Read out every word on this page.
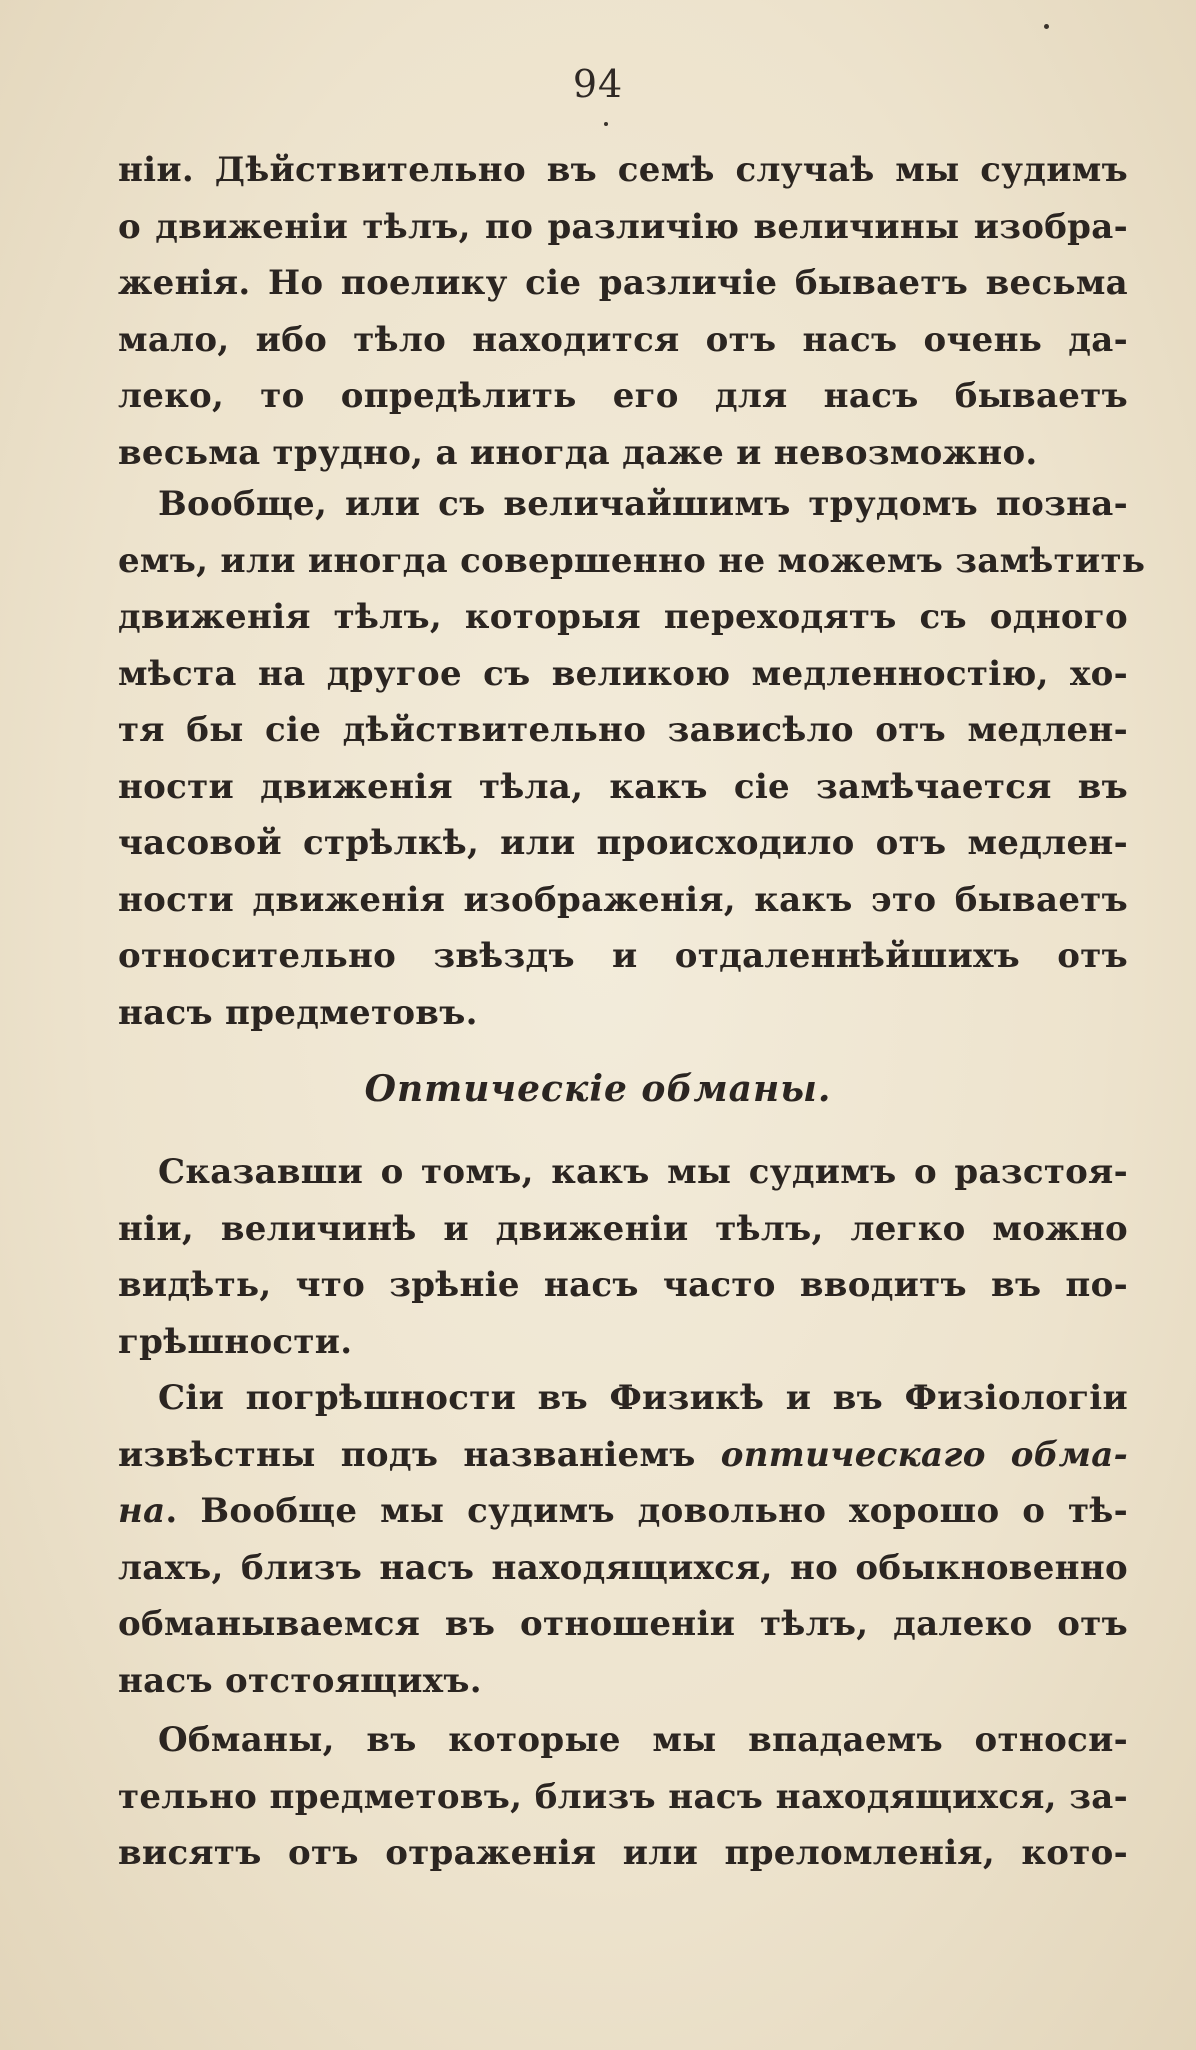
94
нiи. Дѣйствительно въ семѣ случаѣ мы судимъ
о движенiи тѣлъ, по различiю величины изобра-
женiя. Но поелику сiе различiе бываетъ весьма
мало, ибо тѣло находится отъ насъ очень да-
леко, то опредѣлить его для насъ бываетъ
весьма трудно, а иногда даже и невозможно.
Вообще, или съ величайшимъ трудомъ позна-
емъ, или иногда совершенно не можемъ замѣтить
движенiя тѣлъ, которыя переходятъ съ одного
мѣста на другое съ великою медленностiю, хо-
тя бы сiе дѣйствительно зависѣло отъ медлен-
ности движенiя тѣла, какъ сiе замѣчается въ
часовой стрѣлкѣ, или происходило отъ медлен-
ности движенiя изображенiя, какъ это бываетъ
относительно звѣздъ и отдаленнѣйшихъ отъ
насъ предметовъ.
Оптическiе обманы.
Сказавши о томъ, какъ мы судимъ о разстоя-
нiи, величинѣ и движенiи тѣлъ, легко можно
видѣть, что зрѣнiе насъ часто вводитъ въ по-
грѣшности.
Сiи погрѣшности въ Физикѣ и въ Физiологiи
извѣстны подъ названiемъ оптическаго обма-
на. Вообще мы судимъ довольно хорошо о тѣ-
лахъ, близъ насъ находящихся, но обыкновенно
обманываемся въ отношенiи тѣлъ, далеко отъ
насъ отстоящихъ.
Обманы, въ которые мы впадаемъ относи-
тельно предметовъ, близъ насъ находящихся, за-
висятъ отъ отраженiя или преломленiя, кото-
